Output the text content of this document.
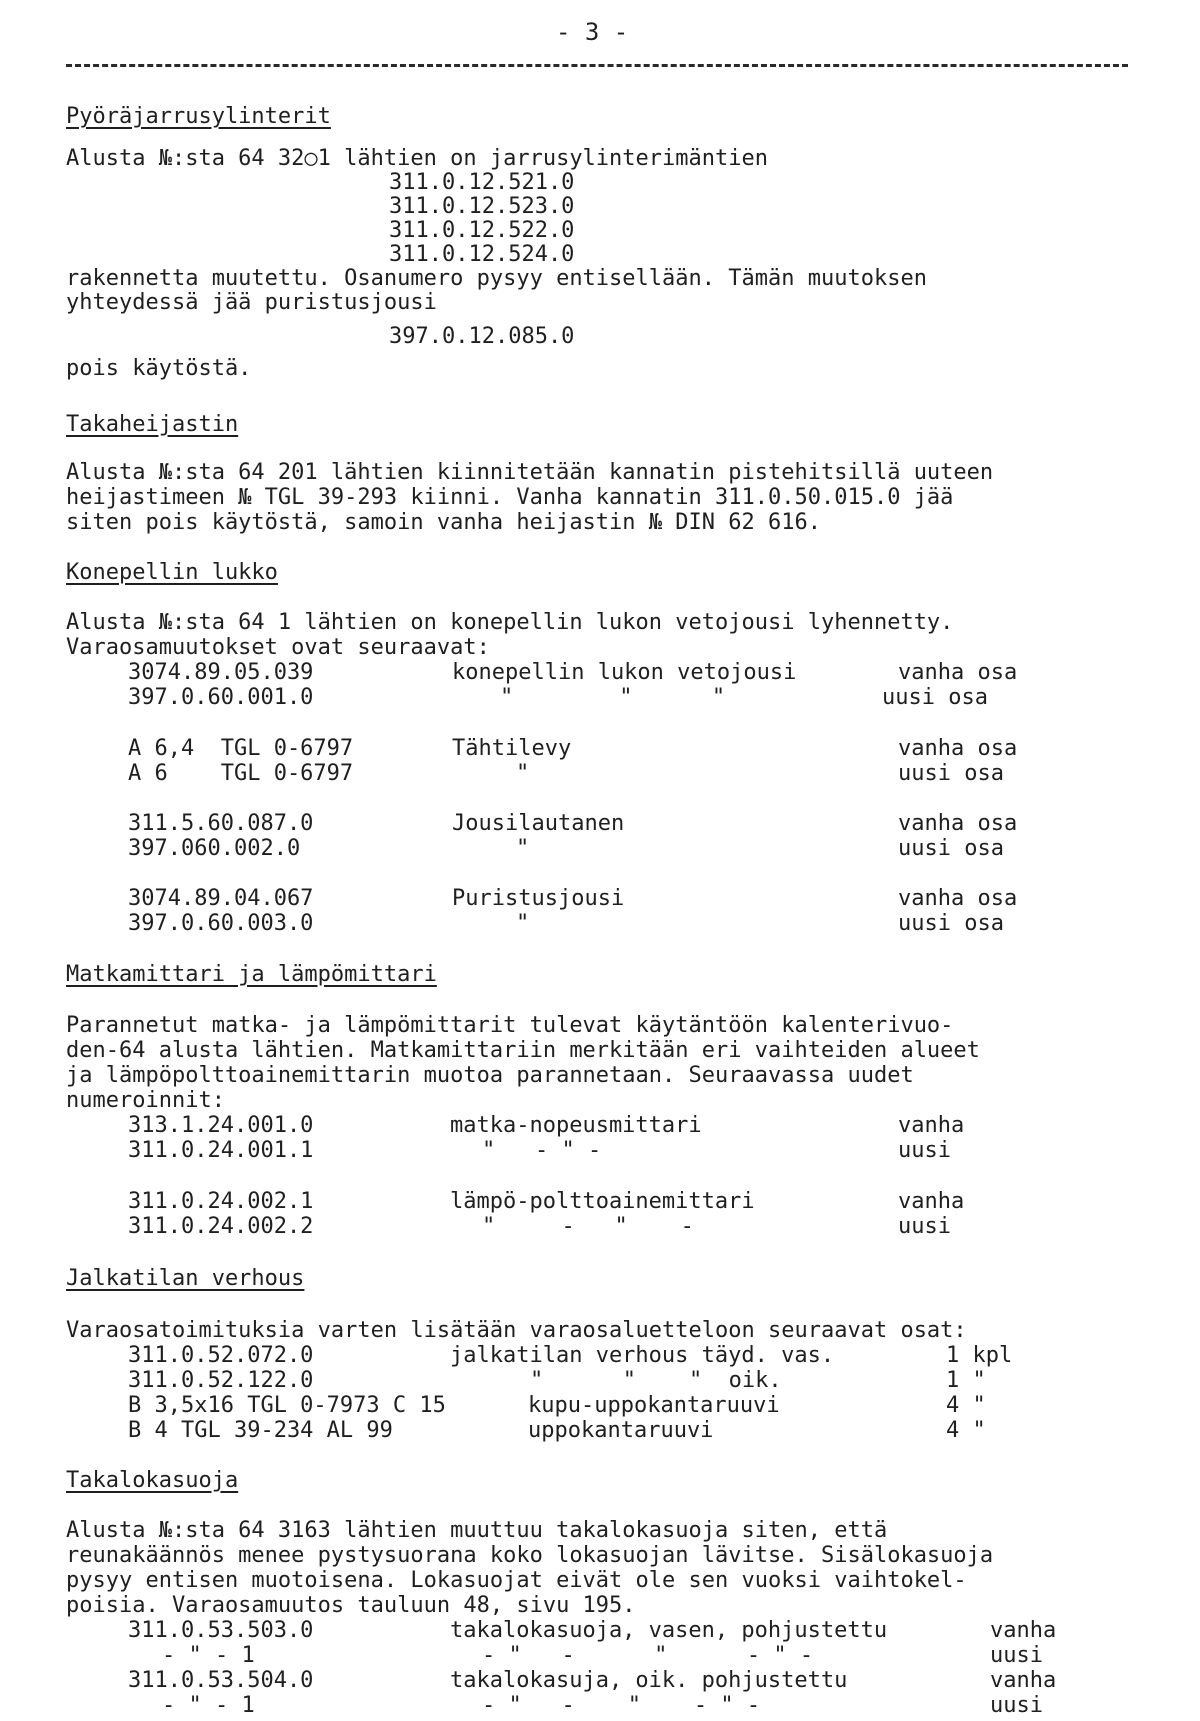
- 3 -
Pyöräjarrusylinterit
Alusta №:sta 64 32○1 lähtien on jarrusylinterimäntien
311.0.12.521.0
311.0.12.523.0
311.0.12.522.0
311.0.12.524.0
rakennetta muutettu. Osanumero pysyy entisellään. Tämän muutoksen
yhteydessä jää puristusjousi
397.0.12.085.0
pois käytöstä.
Takaheijastin
Alusta №:sta 64 201 lähtien kiinnitetään kannatin pistehitsillä uuteen
heijastimeen № TGL 39-293 kiinni. Vanha kannatin 311.0.50.015.0 jää
siten pois käytöstä, samoin vanha heijastin № DIN 62 616.
Konepellin lukko
Alusta №:sta 64 1 lähtien on konepellin lukon vetojousi lyhennetty.
Varaosamuutokset ovat seuraavat:
3074.89.05.039	konepellin lukon vetojousi	vanha osa
397.0.60.001.0	"        "      "	uusi osa
A 6,4  TGL 0-6797	Tähtilevy	vanha osa
A 6    TGL 0-6797	"	uusi osa
311.5.60.087.0	Jousilautanen	vanha osa
397.060.002.0	"	uusi osa
3074.89.04.067	Puristusjousi	vanha osa
397.0.60.003.0	"	uusi osa
Matkamittari ja lämpömittari
Parannetut matka- ja lämpömittarit tulevat käytäntöön kalenterivuo-
den-64 alusta lähtien. Matkamittariin merkitään eri vaihteiden alueet
ja lämpöpolttoainemittarin muotoa parannetaan. Seuraavassa uudet
numeroinnit:
313.1.24.001.0	matka-nopeusmittari	vanha
311.0.24.001.1	"   - " -	uusi
311.0.24.002.1	lämpö-polttoainemittari	vanha
311.0.24.002.2	"     -   "    -	uusi
Jalkatilan verhous
Varaosatoimituksia varten lisätään varaosaluetteloon seuraavat osat:
311.0.52.072.0	jalkatilan verhous täyd. vas.	1 kpl
311.0.52.122.0	"      "    "  oik.	1 "
B 3,5x16 TGL 0-7973 C 15	kupu-uppokantaruuvi	4 "
B 4 TGL 39-234 AL 99	uppokantaruuvi	4 "
Takalokasuoja
Alusta №:sta 64 3163 lähtien muuttuu takalokasuoja siten, että
reunakäännös menee pystysuorana koko lokasuojan lävitse. Sisälokasuoja
pysyy entisen muotoisena. Lokasuojat eivät ole sen vuoksi vaihtokel-
poisia. Varaosamuutos tauluun 48, sivu 195.
311.0.53.503.0	takalokasuoja, vasen, pohjustettu	vanha
- " - 1	- "   -      "      - " -	uusi
311.0.53.504.0	takalokasuja, oik. pohjustettu	vanha
- " - 1	- "   -    "    - " -	uusi
